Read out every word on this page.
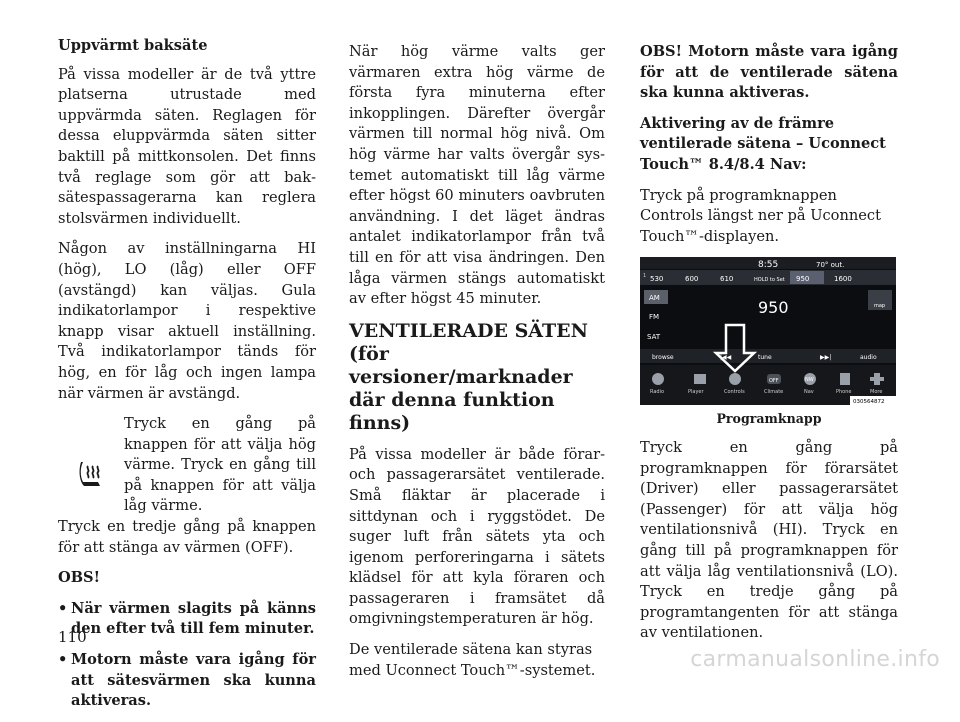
Uppvärmt baksäte

På vissa modeller är de två yttre platserna utrustade med uppvärmda säten. Reglagen för dessa eluppvärmda säten sitter baktill på mittkonsolen. Det finns två reglage som gör att baksätespassagerarna kan reglera stolsvärmen individuellt.

Någon av inställningarna HI (hög), LO (låg) eller OFF (avstängd) kan väljas. Gula indikatorlampor i respektive knapp visar aktuell inställning. Två indikatorlampor tänds för hög, en för låg och ingen lampa när värmen är avstängd.

Tryck en gång på knappen för att välja hög värme. Tryck en gång till på knappen för att välja låg värme.

Tryck en tredje gång på knappen för att stänga av värmen (OFF).

OBS!

• När värmen slagits på känns den efter två till fem minuter.
• Motorn måste vara igång för att sätesvärmen ska kunna aktiveras.

När hög värme valts ger värmaren extra hög värme de första fyra minuterna efter inkopplingen. Därefter övergår värmen till normal hög nivå. Om hög värme har valts övergår systemet automatiskt till låg värme efter högst 60 minuters oavbruten användning. I det läget ändras antalet indikatorlampor från två till en för att visa ändringen. Den låga värmen stängs automatiskt av efter högst 45 minuter.

VENTILERADE SÄTEN (för versioner/marknader där denna funktion finns)

På vissa modeller är både förar- och passagerarsätet ventilerade. Små fläktar är placerade i sittdynan och i ryggstödet. De suger luft från sätets yta och igenom perforeringarna i sätets klädsel för att kyla föraren och passageraren i framsätet då omgivningstemperaturen är hög.

De ventilerade sätena kan styras med Uconnect Touch™-systemet.

OBS! Motorn måste vara igång för att de ventilerade sätena ska kunna aktiveras.

Aktivering av de främre ventilerade sätena – Uconnect Touch™ 8.4/8.4 Nav:

Tryck på programknappen Controls längst ner på Uconnect Touch™-displayen.

8:55	70° out.
1 530	600	610	HOLD to Set 950	1600
AM
FM
SAT
950	map
browse	|◀◀	tune	▶▶|	audio
OFF	NW
Radio	Player	Controls	Climate	Nav	Phone	More
030564872

Programknapp

Tryck en gång på programknappen för förarsätet (Driver) eller passagerarsätet (Passenger) för att välja hög ventilationsnivå (HI). Tryck en gång till på programknappen för att välja låg ventilationsnivå (LO). Tryck en tredje gång på programtangenten för att stänga av ventilationen.

110
carmanualsonline.info
